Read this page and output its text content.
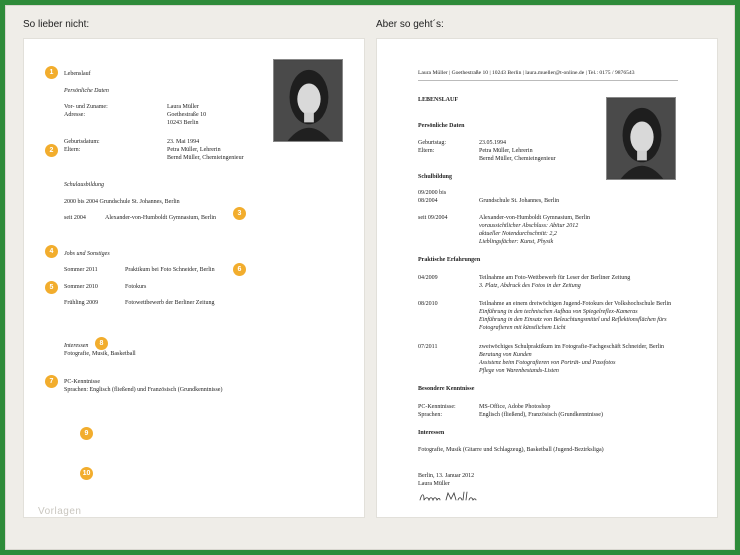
So lieber nicht:	Aber so geht´s:
Lebenslauf
Persönliche Daten
Vor- und Zuname:	Laura Müller
Adresse:	Goethestraße 10
10243 Berlin
Geburtsdatum:	23. Mai 1994
Eltern:	Petra Müller, Lehrerin
Bernd Müller, Chemieingenieur
Schulausbildung
2000 bis 2004 Grundschule St. Johannes, Berlin
seit 2004	Alexander-von-Humboldt Gymnasium, Berlin
Jobs und Sonstiges
Sommer 2011	Praktikum bei Foto Schneider, Berlin
Sommer 2010	Fotokurs
Frühling 2009	Fotowettbewerb der Berliner Zeitung
Interessen
Fotografie, Musik, Basketball
PC-Kenntnisse
Sprachen: Englisch (fließend) und Französisch (Grundkenntnisse)
1
2
3
4
5
6
7
8
9
10
Vorlagen
Laura Müller | Goethestraße 10 | 10243 Berlin | laura.mueller@t-online.de | Tel.: 0175 / 9876543
LEBENSLAUF
Persönliche Daten
Geburtstag:	23.05.1994
Eltern:	Petra Müller, Lehrerin
Bernd Müller, Chemieingenieur
Schulbildung
09/2000 bis
08/2004	Grundschule St. Johannes, Berlin
seit 09/2004	Alexander-von-Humboldt Gymnasium, Berlin
voraussichtlicher Abschluss: Abitur 2012
aktueller Notendurchschnitt: 2,2
Lieblingsfächer: Kunst, Physik
Praktische Erfahrungen
04/2009	Teilnahme am Foto-Wettbewerb für Leser der Berliner Zeitung
3. Platz, Abdruck des Fotos in der Zeitung
08/2010	Teilnahme an einem dreiwöchigen Jugend-Fotokurs der Volkshochschule Berlin
Einführung in den technischen Aufbau von Spiegelreflex-Kameras
Einführung in den Einsatz von Beleuchtungsmittel und Reflektionsflächen fürs
Fotografieren mit künstlichem Licht
07/2011	zweiwöchiges Schulpraktikum im Fotografie-Fachgeschäft Schneider, Berlin
Beratung von Kunden
Assistenz beim Fotografieren von Porträt- und Passfotos
Pflege von Warenbestands-Listen
Besondere Kenntnisse
PC-Kenntnisse:	MS-Office, Adobe Photoshop
Sprachen:	Englisch (fließend), Französisch (Grundkenntnisse)
Interessen
Fotografie, Musik (Gitarre und Schlagzeug), Basketball (Jugend-Bezirksliga)
Berlin, 13. Januar 2012
Laura Müller
